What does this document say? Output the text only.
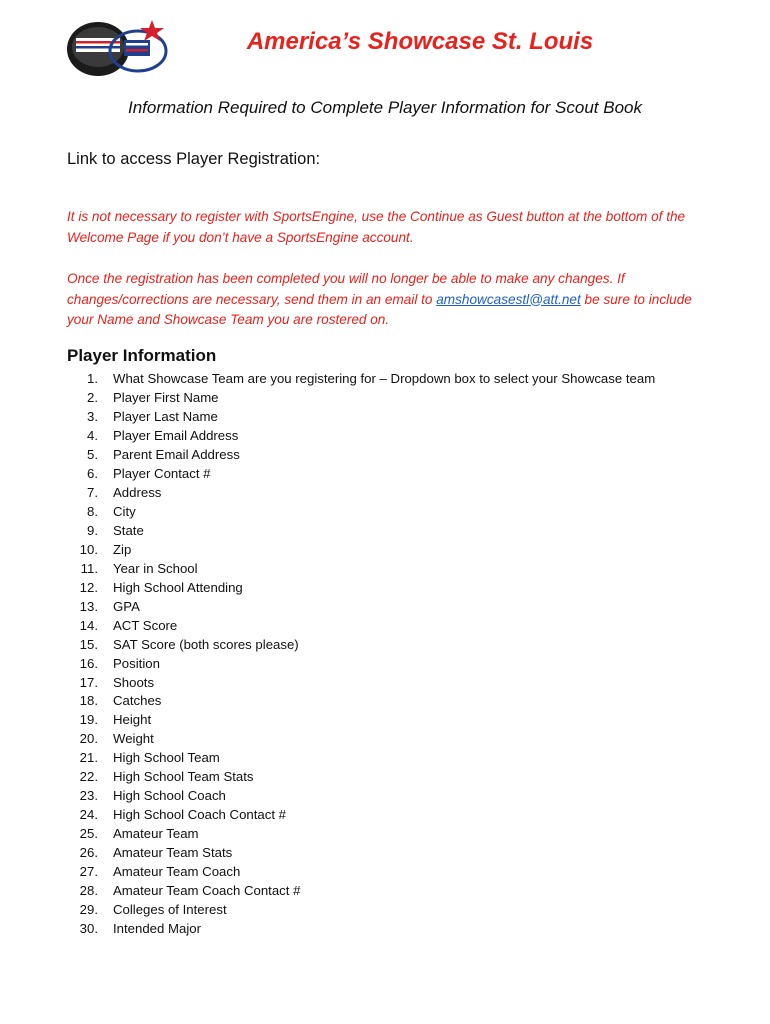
America’s Showcase St. Louis
Information Required to Complete Player Information for Scout Book
Link to access Player Registration:
It is not necessary to register with SportsEngine, use the Continue as Guest button at the bottom of the Welcome Page if you don’t have a SportsEngine account.
Once the registration has been completed you will no longer be able to make any changes. If changes/corrections are necessary, send them in an email to amshowcasestl@att.net be sure to include your Name and Showcase Team you are rostered on.
Player Information
1. What Showcase Team are you registering for – Dropdown box to select your Showcase team
2. Player First Name
3. Player Last Name
4. Player Email Address
5. Parent Email Address
6. Player Contact #
7. Address
8. City
9. State
10. Zip
11. Year in School
12. High School Attending
13. GPA
14. ACT Score
15. SAT Score (both scores please)
16. Position
17. Shoots
18. Catches
19. Height
20. Weight
21. High School Team
22. High School Team Stats
23. High School Coach
24. High School Coach Contact #
25. Amateur Team
26. Amateur Team Stats
27. Amateur Team Coach
28. Amateur Team Coach Contact #
29. Colleges of Interest
30. Intended Major
